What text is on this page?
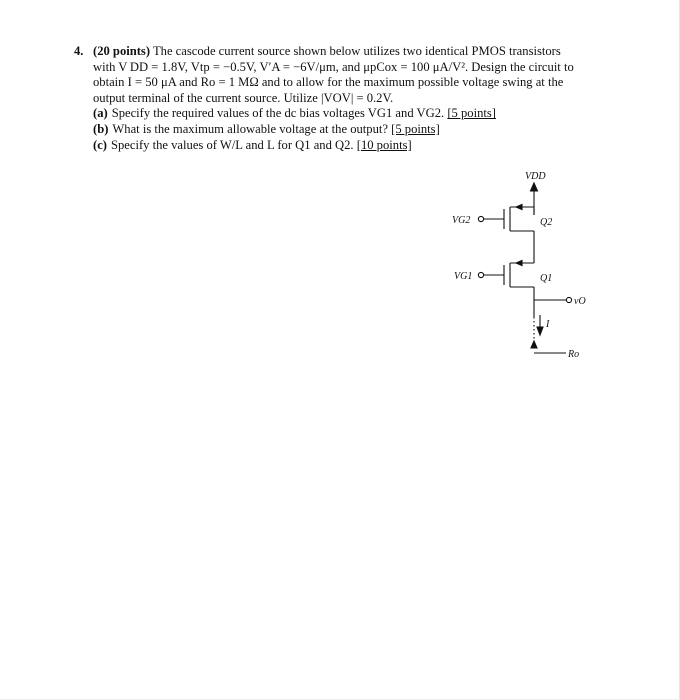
4. (20 points) The cascode current source shown below utilizes two identical PMOS transistors

with V DD = 1.8V, Vtp = −0.5V, V′A = −6V/μm, and μpCox = 100 μA/V². Design the circuit to

obtain I = 50 μA and Ro = 1 MΩ and to allow for the maximum possible voltage swing at the

output terminal of the current source. Utilize |VOV| = 0.2V.

(a) Specify the required values of the dc bias voltages VG1 and VG2. [5 points]

(b) What is the maximum allowable voltage at the output? [5 points]

(c) Specify the values of W/L and L for Q1 and Q2. [10 points]

VDD
VG2	Q2
VG1	Q1
vO
I
Ro
